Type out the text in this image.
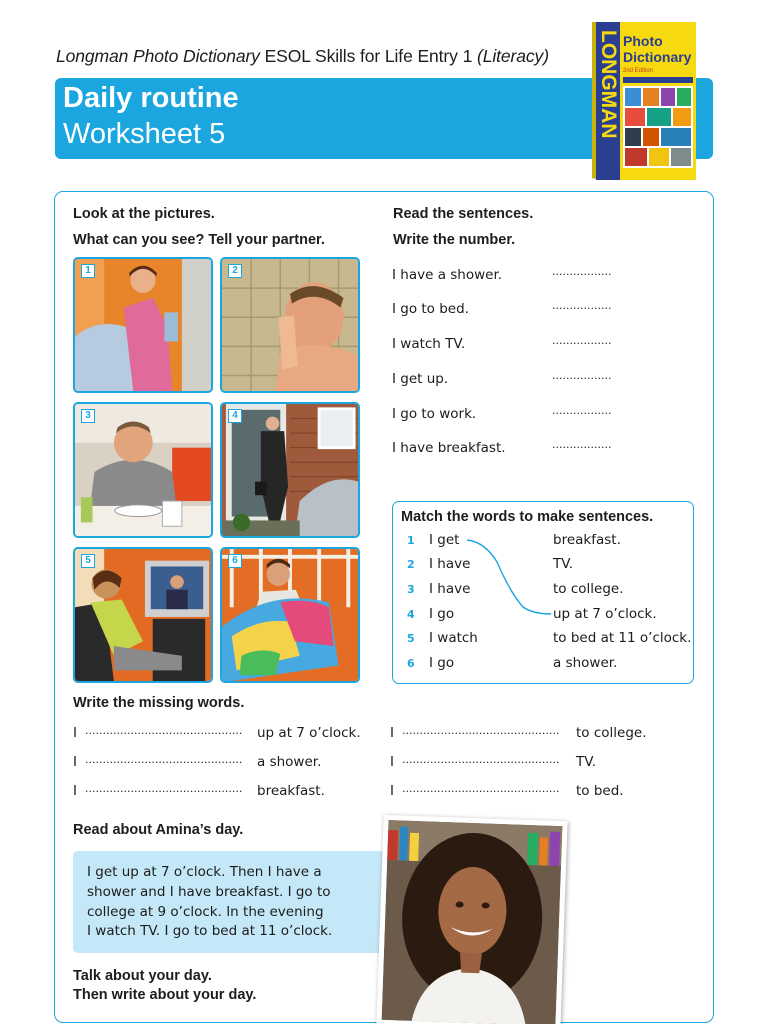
Longman Photo Dictionary ESOL Skills for Life Entry 1 (Literacy)
Daily routine
Worksheet 5	LONGMAN Photo
Dictionary
2nd Edition
Look at the pictures.
What can you see? Tell your partner.
1	2
3	4
5	6
Read the sentences.
Write the number.
I have a shower.	.................
I go to bed.	.................
I watch TV.	.................
I get up.	.................
I go to work.	.................
I have breakfast.	.................
Match the words to make sentences.
1 I get	breakfast.
2 I have	TV.
3 I have	to college.
4 I go	up at 7 o’clock.
5 I watch	to bed at 11 o’clock.
6 I go	a shower.
Write the missing words.
I ............................................. up at 7 o’clock.
I ............................................. a shower.
I ............................................. breakfast.
I ............................................. to college.
I ............................................. TV.
I ............................................. to bed.
Read about Amina’s day.
I get up at 7 o’clock. Then I have a
shower and I have breakfast. I go to
college at 9 o’clock. In the evening
I watch TV. I go to bed at 11 o’clock.
Talk about your day.
Then write about your day.
